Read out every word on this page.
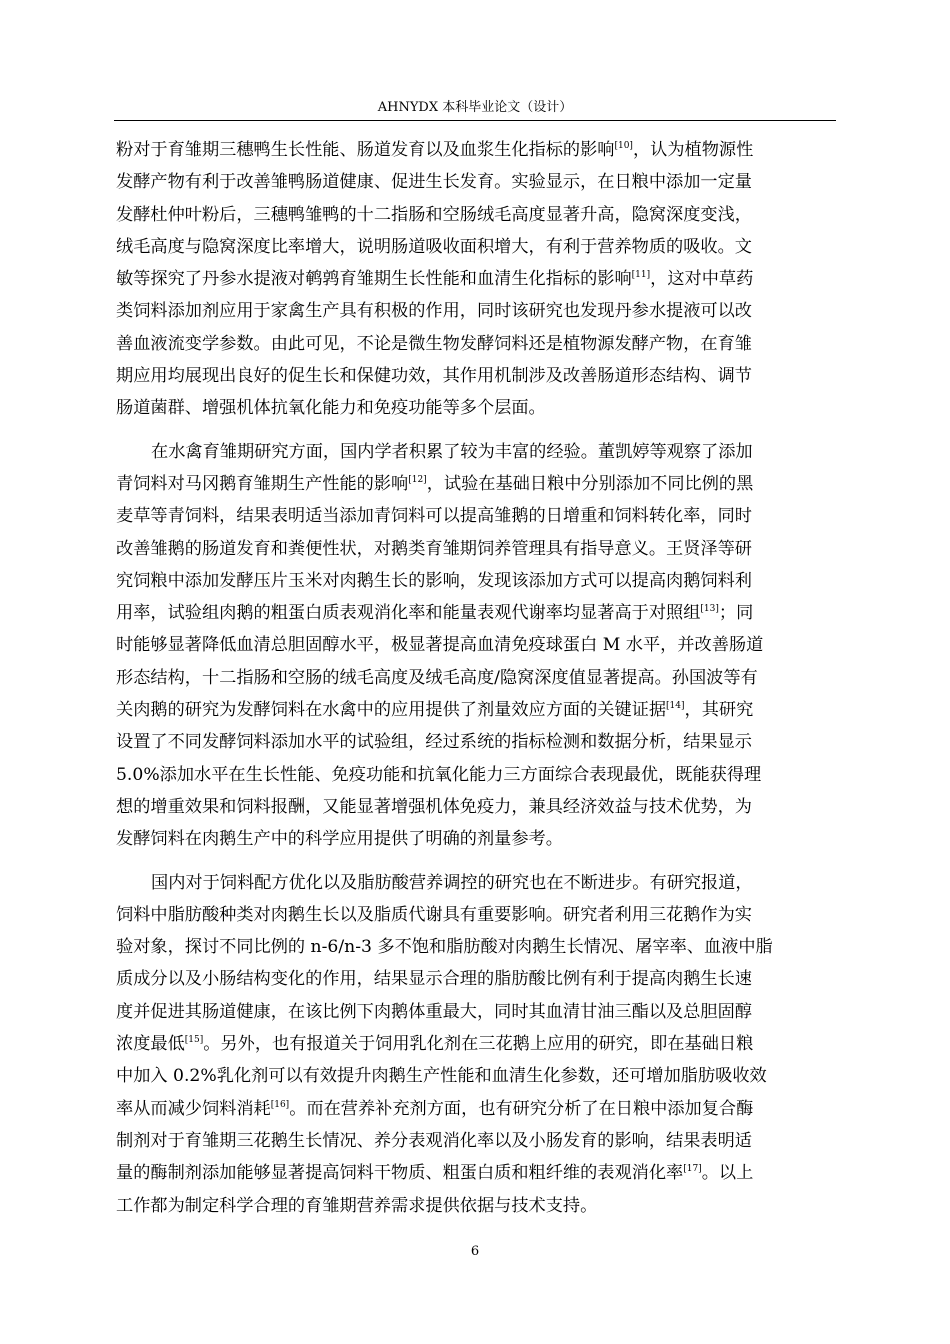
AHNYDX 本科毕业论文（设计）

粉对于育雏期三穗鸭生长性能、肠道发育以及血浆生化指标的影响[10]，认为植物源性
发酵产物有利于改善雏鸭肠道健康、促进生长发育。实验显示，在日粮中添加一定量
发酵杜仲叶粉后，三穗鸭雏鸭的十二指肠和空肠绒毛高度显著升高，隐窝深度变浅，
绒毛高度与隐窝深度比率增大，说明肠道吸收面积增大，有利于营养物质的吸收。文
敏等探究了丹参水提液对鹌鹑育雏期生长性能和血清生化指标的影响[11]，这对中草药
类饲料添加剂应用于家禽生产具有积极的作用，同时该研究也发现丹参水提液可以改
善血液流变学参数。由此可见，不论是微生物发酵饲料还是植物源发酵产物，在育雏
期应用均展现出良好的促生长和保健功效，其作用机制涉及改善肠道形态结构、调节
肠道菌群、增强机体抗氧化能力和免疫功能等多个层面。

在水禽育雏期研究方面，国内学者积累了较为丰富的经验。董凯婷等观察了添加
青饲料对马冈鹅育雏期生产性能的影响[12]，试验在基础日粮中分别添加不同比例的黑
麦草等青饲料，结果表明适当添加青饲料可以提高雏鹅的日增重和饲料转化率，同时
改善雏鹅的肠道发育和粪便性状，对鹅类育雏期饲养管理具有指导意义。王贤泽等研
究饲粮中添加发酵压片玉米对肉鹅生长的影响，发现该添加方式可以提高肉鹅饲料利
用率，试验组肉鹅的粗蛋白质表观消化率和能量表观代谢率均显著高于对照组[13]；同
时能够显著降低血清总胆固醇水平，极显著提高血清免疫球蛋白 M 水平，并改善肠道
形态结构，十二指肠和空肠的绒毛高度及绒毛高度/隐窝深度值显著提高。孙国波等有
关肉鹅的研究为发酵饲料在水禽中的应用提供了剂量效应方面的关键证据[14]，其研究
设置了不同发酵饲料添加水平的试验组，经过系统的指标检测和数据分析，结果显示
5.0%添加水平在生长性能、免疫功能和抗氧化能力三方面综合表现最优，既能获得理
想的增重效果和饲料报酬，又能显著增强机体免疫力，兼具经济效益与技术优势，为
发酵饲料在肉鹅生产中的科学应用提供了明确的剂量参考。

国内对于饲料配方优化以及脂肪酸营养调控的研究也在不断进步。有研究报道，
饲料中脂肪酸种类对肉鹅生长以及脂质代谢具有重要影响。研究者利用三花鹅作为实
验对象，探讨不同比例的 n-6/n-3 多不饱和脂肪酸对肉鹅生长情况、屠宰率、血液中脂
质成分以及小肠结构变化的作用，结果显示合理的脂肪酸比例有利于提高肉鹅生长速
度并促进其肠道健康，在该比例下肉鹅体重最大，同时其血清甘油三酯以及总胆固醇
浓度最低[15]。另外，也有报道关于饲用乳化剂在三花鹅上应用的研究，即在基础日粮
中加入 0.2%乳化剂可以有效提升肉鹅生产性能和血清生化参数，还可增加脂肪吸收效
率从而减少饲料消耗[16]。而在营养补充剂方面，也有研究分析了在日粮中添加复合酶
制剂对于育雏期三花鹅生长情况、养分表观消化率以及小肠发育的影响，结果表明适
量的酶制剂添加能够显著提高饲料干物质、粗蛋白质和粗纤维的表观消化率[17]。以上
工作都为制定科学合理的育雏期营养需求提供依据与技术支持。

6
